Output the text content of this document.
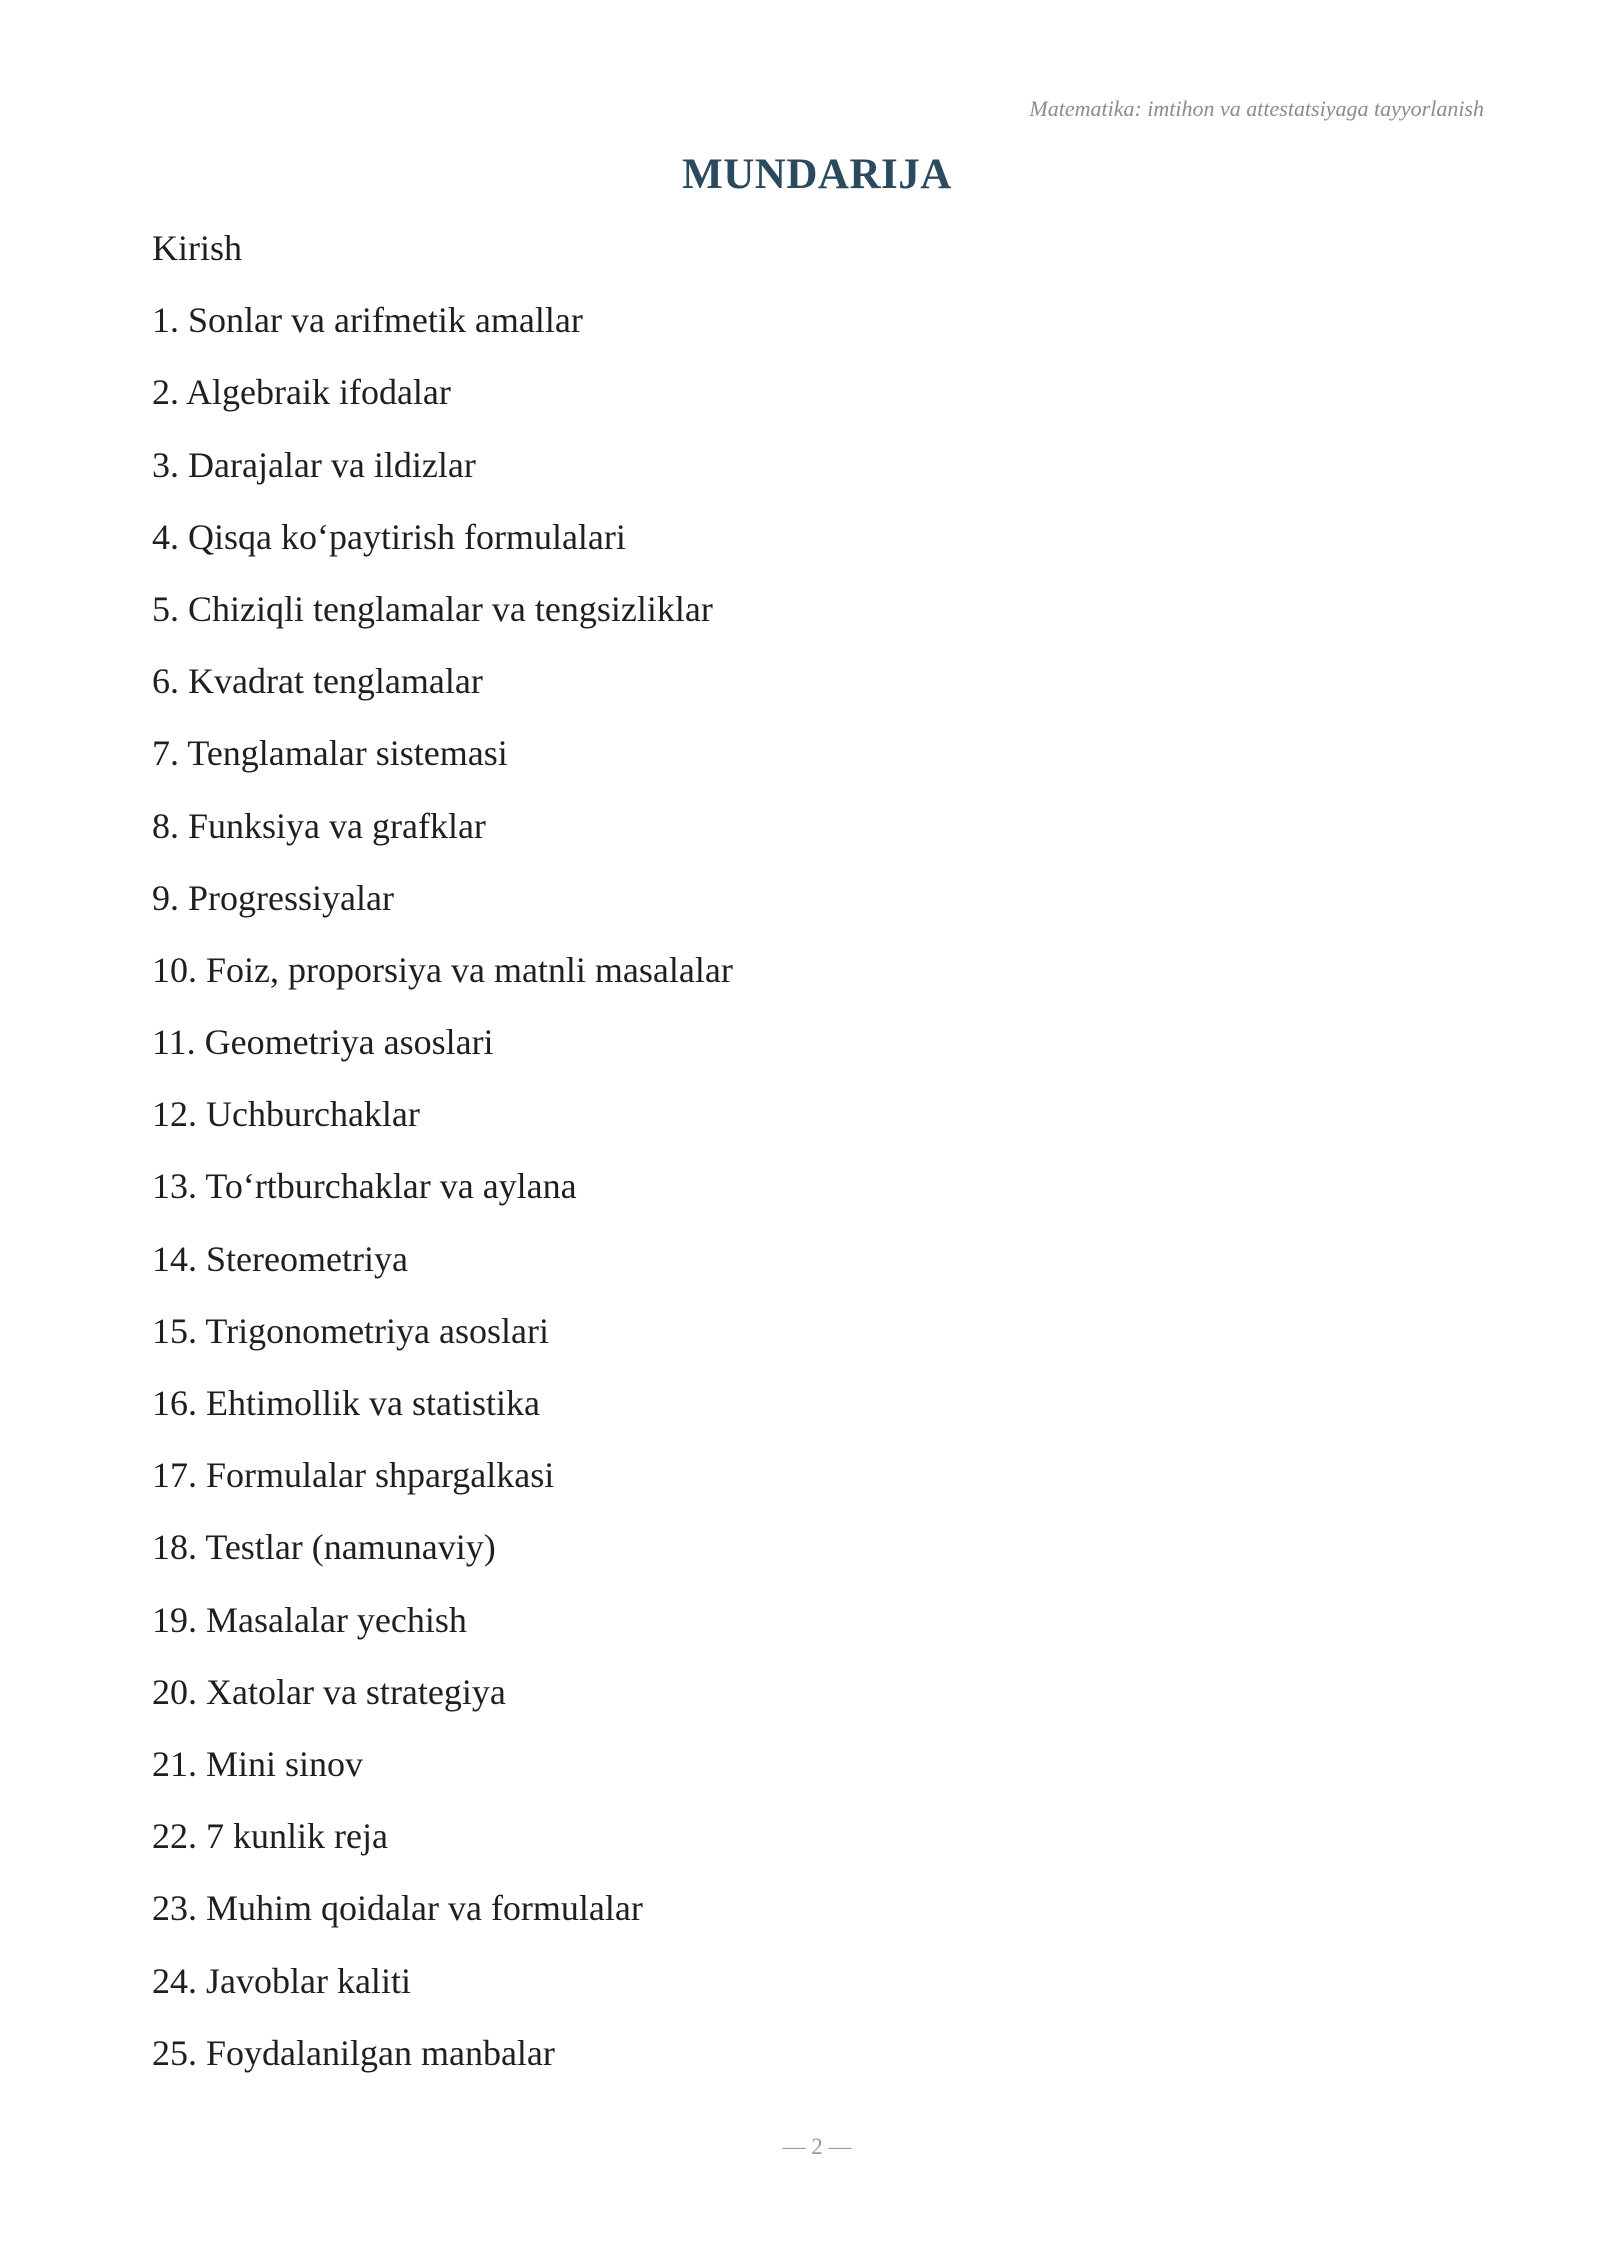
Matematika: imtihon va attestatsiyaga tayyorlanish
MUNDARIJA
Kirish
1. Sonlar va arifmetik amallar
2. Algebraik ifodalar
3. Darajalar va ildizlar
4. Qisqa ko‘paytirish formulalari
5. Chiziqli tenglamalar va tengsizliklar
6. Kvadrat tenglamalar
7. Tenglamalar sistemasi
8. Funksiya va grafklar
9. Progressiyalar
10. Foiz, proporsiya va matnli masalalar
11. Geometriya asoslari
12. Uchburchaklar
13. To‘rtburchaklar va aylana
14. Stereometriya
15. Trigonometriya asoslari
16. Ehtimollik va statistika
17. Formulalar shpargalkasi
18. Testlar (namunaviy)
19. Masalalar yechish
20. Xatolar va strategiya
21. Mini sinov
22. 7 kunlik reja
23. Muhim qoidalar va formulalar
24. Javoblar kaliti
25. Foydalanilgan manbalar
— 2 —
